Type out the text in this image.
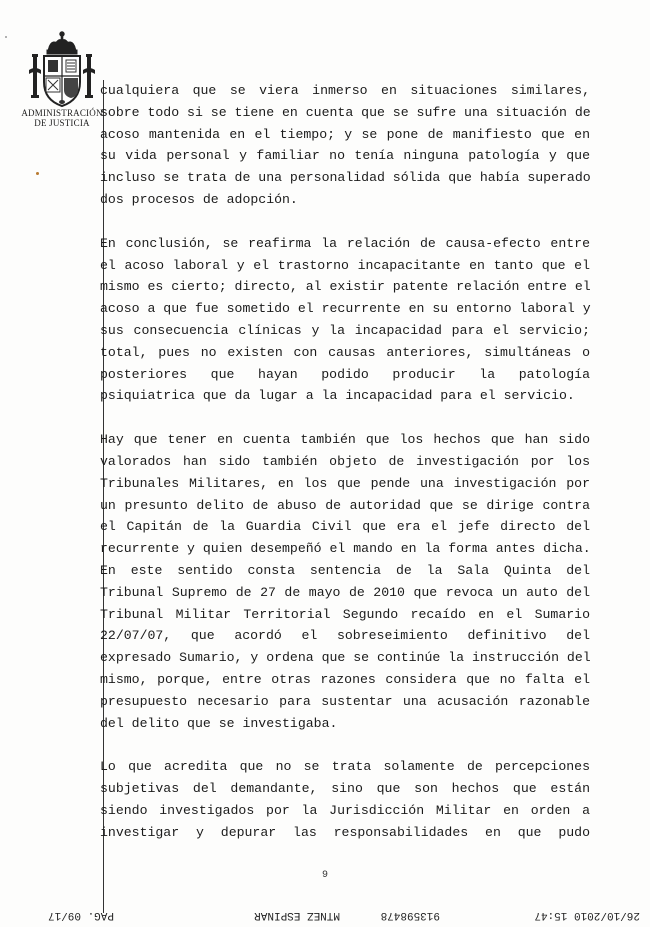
ADMINISTRACIÓN
DE JUSTICIA

cualquiera que se viera inmerso en situaciones similares,
sobre todo si se tiene en cuenta que se sufre una situación de
acoso mantenida en el tiempo; y se pone de manifiesto que en
su vida personal y familiar no tenía ninguna patología y que
incluso se trata de una personalidad sólida que había superado
dos procesos de adopción.

En conclusión, se reafirma la relación de causa-efecto entre
el acoso laboral y el trastorno incapacitante en tanto que el
mismo es cierto; directo, al existir patente relación entre el
acoso a que fue sometido el recurrente en su entorno laboral y
sus consecuencia clínicas y la incapacidad para el servicio;
total, pues no existen con causas anteriores, simultáneas o
posteriores que hayan podido producir la patología
psiquiatrica que da lugar a la incapacidad para el servicio.

Hay que tener en cuenta también que los hechos que han sido
valorados han sido también objeto de investigación por los
Tribunales Militares, en los que pende una investigación por
un presunto delito de abuso de autoridad que se dirige contra
el Capitán de la Guardia Civil que era el jefe directo del
recurrente y quien desempeñó el mando en la forma antes dicha.
En este sentido consta sentencia de la Sala Quinta del
Tribunal Supremo de 27 de mayo de 2010 que revoca un auto del
Tribunal Militar Territorial Segundo recaído en el Sumario
22/07/07, que acordó el sobreseimiento definitivo del
expresado Sumario, y ordena que se continúe la instrucción del
mismo, porque, entre otras razones considera que no falta el
presupuesto necesario para sustentar una acusación razonable
del delito que se investigaba.

Lo que acredita que no se trata solamente de percepciones
subjetivas del demandante, sino que son hechos que están
siendo investigados por la Jurisdicción Militar en orden a
investigar y depurar las responsabilidades en que pudo

9
26/10/2010 15:47
913598478
MTNEZ ESPINAR
PAG. 09/17
